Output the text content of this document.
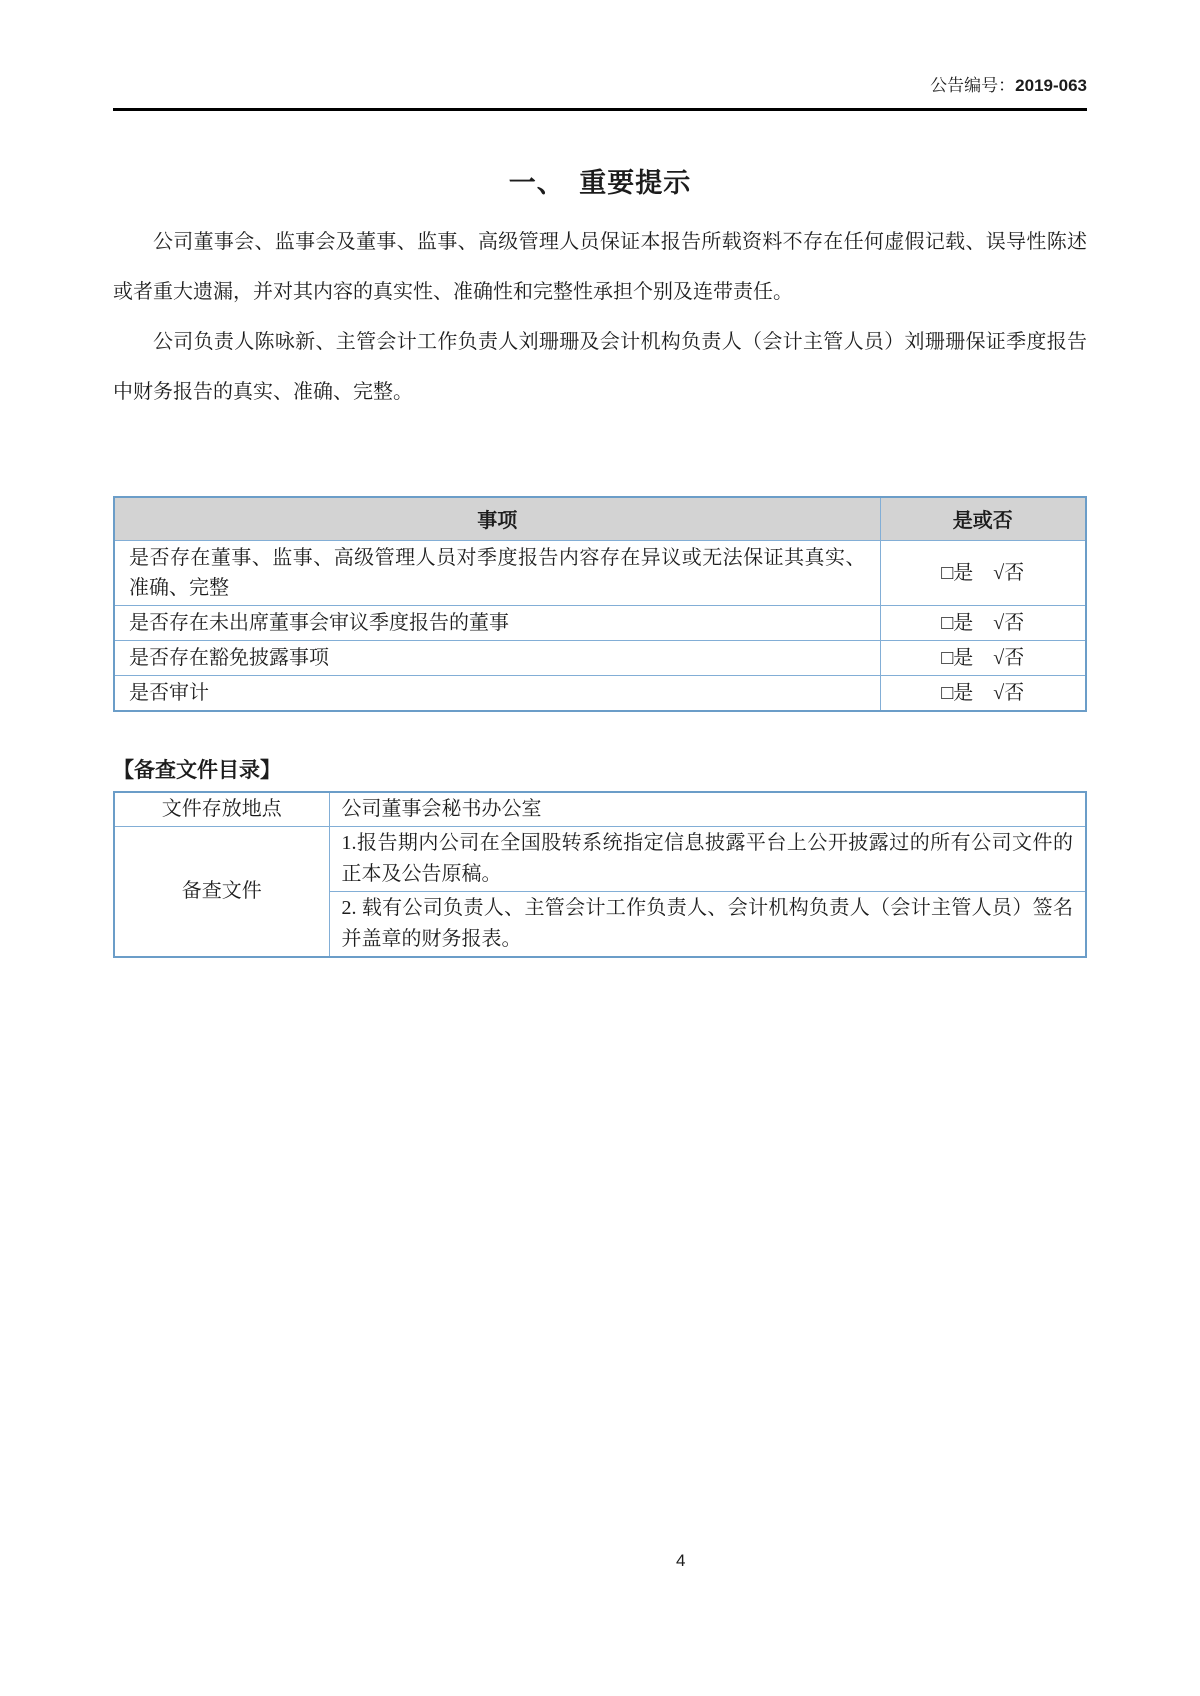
公告编号：2019-063
一、　重要提示

公司董事会、监事会及董事、监事、高级管理人员保证本报告所载资料不存在任何虚假记载、误导性陈述或者重大遗漏，并对其内容的真实性、准确性和完整性承担个别及连带责任。

公司负责人陈咏新、主管会计工作负责人刘珊珊及会计机构负责人（会计主管人员）刘珊珊保证季度报告中财务报告的真实、准确、完整。

事项	是或否
是否存在董事、监事、高级管理人员对季度报告内容存在异议或无法保证其真实、准确、完整	□是　√否
是否存在未出席董事会审议季度报告的董事	□是　√否
是否存在豁免披露事项	□是　√否
是否审计	□是　√否
【备查文件目录】
文件存放地点	公司董事会秘书办公室
备查文件	1.报告期内公司在全国股转系统指定信息披露平台上公开披露过的所有公司文件的正本及公告原稿。
	2. 载有公司负责人、主管会计工作负责人、会计机构负责人（会计主管人员）签名并盖章的财务报表。
4
